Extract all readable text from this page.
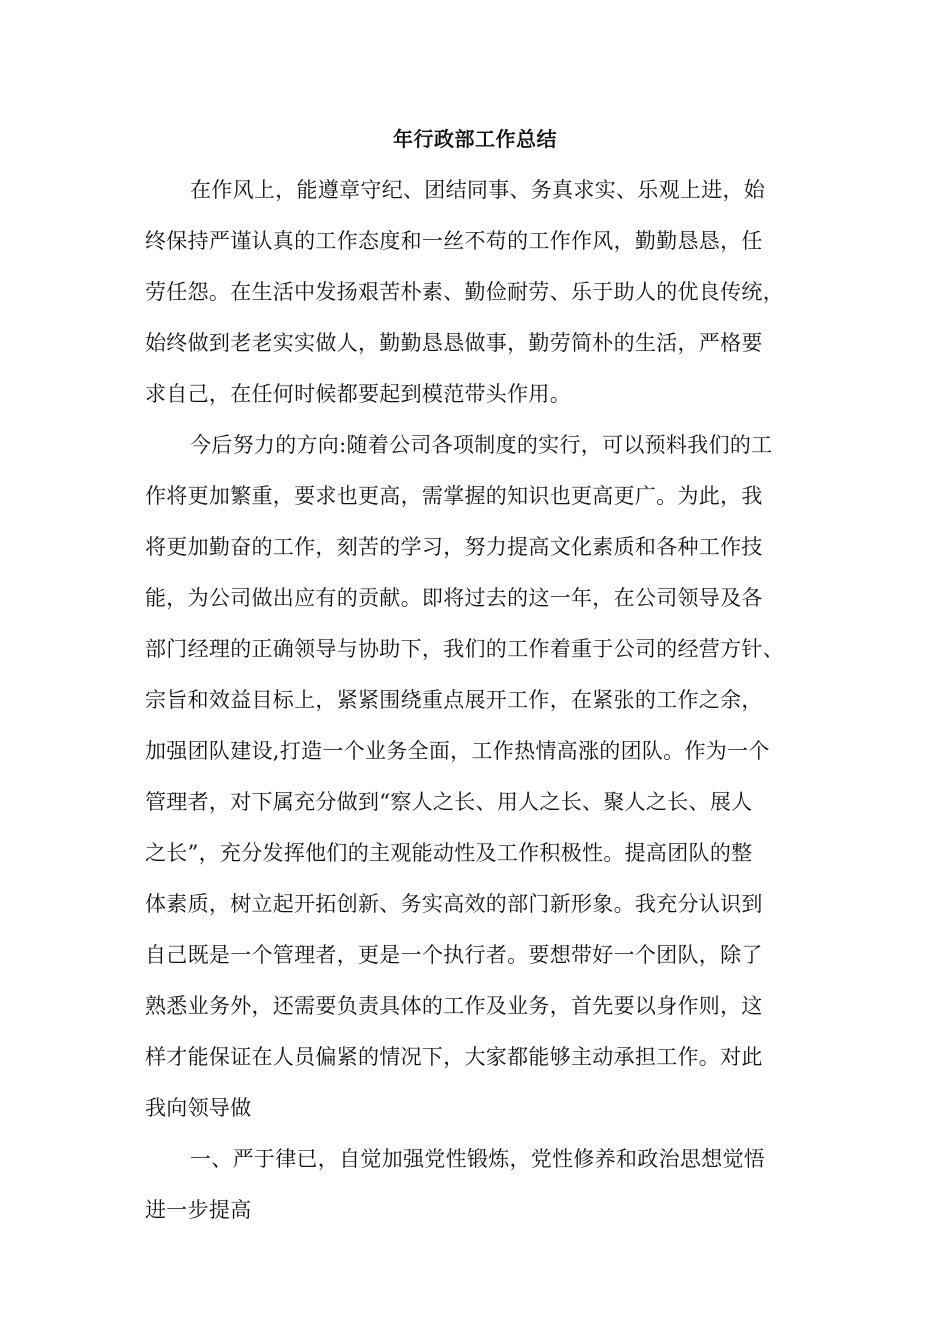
年行政部工作总结
在作风上，能遵章守纪、团结同事、务真求实、乐观上进，始
终保持严谨认真的工作态度和一丝不苟的工作作风，勤勤恳恳，任
劳任怨。在生活中发扬艰苦朴素、勤俭耐劳、乐于助人的优良传统，
始终做到老老实实做人，勤勤恳恳做事，勤劳简朴的生活，严格要
求自己，在任何时候都要起到模范带头作用。
今后努力的方向:随着公司各项制度的实行，可以预料我们的工
作将更加繁重，要求也更高，需掌握的知识也更高更广。为此，我
将更加勤奋的工作，刻苦的学习，努力提高文化素质和各种工作技
能，为公司做出应有的贡献。即将过去的这一年，在公司领导及各
部门经理的正确领导与协助下，我们的工作着重于公司的经营方针、
宗旨和效益目标上，紧紧围绕重点展开工作，在紧张的工作之余，
加强团队建设,打造一个业务全面，工作热情高涨的团队。作为一个
管理者，对下属充分做到“察人之长、用人之长、聚人之长、展人
之长”，充分发挥他们的主观能动性及工作积极性。提高团队的整
体素质，树立起开拓创新、务实高效的部门新形象。我充分认识到
自己既是一个管理者，更是一个执行者。要想带好一个团队，除了
熟悉业务外，还需要负责具体的工作及业务，首先要以身作则，这
样才能保证在人员偏紧的情况下，大家都能够主动承担工作。对此
我向领导做
一、严于律已，自觉加强党性锻炼，党性修养和政治思想觉悟
进一步提高
